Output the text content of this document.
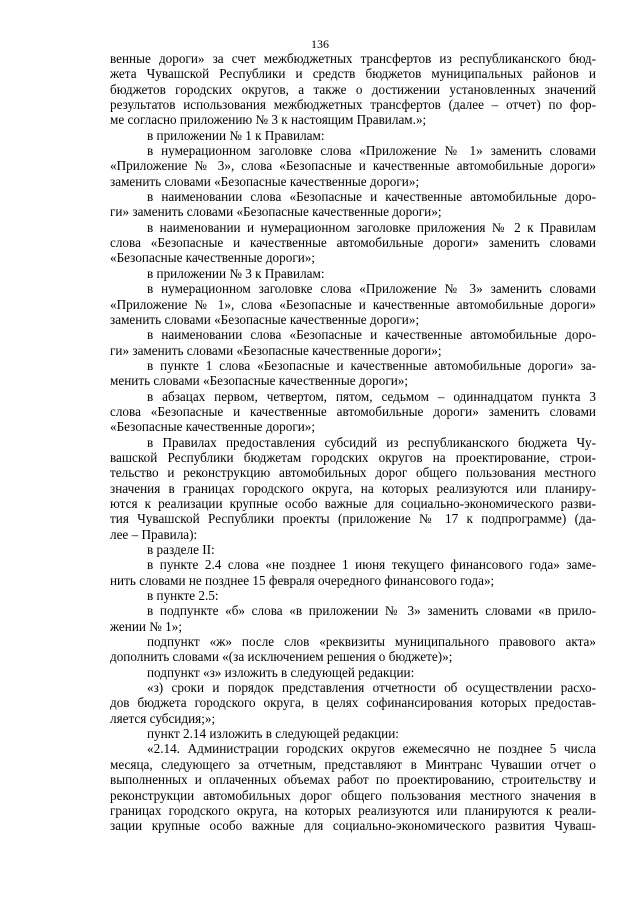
136
венные дороги» за счет межбюджетных трансфертов из республиканского бюд-
жета Чувашской Республики и средств бюджетов муниципальных районов и
бюджетов городских округов, а также о достижении установленных значений
результатов использования межбюджетных трансфертов (далее – отчет) по фор-
ме согласно приложению № 3 к настоящим Правилам.»;
в приложении № 1 к Правилам:
в нумерационном заголовке слова «Приложение № 1» заменить словами
«Приложение № 3», слова «Безопасные и качественные автомобильные дороги»
заменить словами «Безопасные качественные дороги»;
в наименовании слова «Безопасные и качественные автомобильные доро-
ги» заменить словами «Безопасные качественные дороги»;
в наименовании и нумерационном заголовке приложения № 2 к Правилам
слова «Безопасные и качественные автомобильные дороги» заменить словами
«Безопасные качественные дороги»;
в приложении № 3 к Правилам:
в нумерационном заголовке слова «Приложение № 3» заменить словами
«Приложение № 1», слова «Безопасные и качественные автомобильные дороги»
заменить словами «Безопасные качественные дороги»;
в наименовании слова «Безопасные и качественные автомобильные доро-
ги» заменить словами «Безопасные качественные дороги»;
в пункте 1 слова «Безопасные и качественные автомобильные дороги» за-
менить словами «Безопасные качественные дороги»;
в абзацах первом, четвертом, пятом, седьмом – одиннадцатом пункта 3
слова «Безопасные и качественные автомобильные дороги» заменить словами
«Безопасные качественные дороги»;
в Правилах предоставления субсидий из республиканского бюджета Чу-
вашской Республики бюджетам городских округов на проектирование, строи-
тельство и реконструкцию автомобильных дорог общего пользования местного
значения в границах городского округа, на которых реализуются или планиру-
ются к реализации крупные особо важные для социально-экономического разви-
тия Чувашской Республики проекты (приложение № 17 к подпрограмме) (да-
лее – Правила):
в разделе II:
в пункте 2.4 слова «не позднее 1 июня текущего финансового года» заме-
нить словами не позднее 15 февраля очередного финансового года»;
в пункте 2.5:
в подпункте «б» слова «в приложении № 3» заменить словами «в прило-
жении № 1»;
подпункт «ж» после слов «реквизиты муниципального правового акта»
дополнить словами «(за исключением решения о бюджете)»;
подпункт «з» изложить в следующей редакции:
«з) сроки и порядок представления отчетности об осуществлении расхо-
дов бюджета городского округа, в целях софинансирования которых предостав-
ляется субсидия;»;
пункт 2.14 изложить в следующей редакции:
«2.14. Администрации городских округов ежемесячно не позднее 5 числа
месяца, следующего за отчетным, представляют в Минтранс Чувашии отчет о
выполненных и оплаченных объемах работ по проектированию, строительству и
реконструкции автомобильных дорог общего пользования местного значения в
границах городского округа, на которых реализуются или планируются к реали-
зации крупные особо важные для социально-экономического развития Чуваш-
